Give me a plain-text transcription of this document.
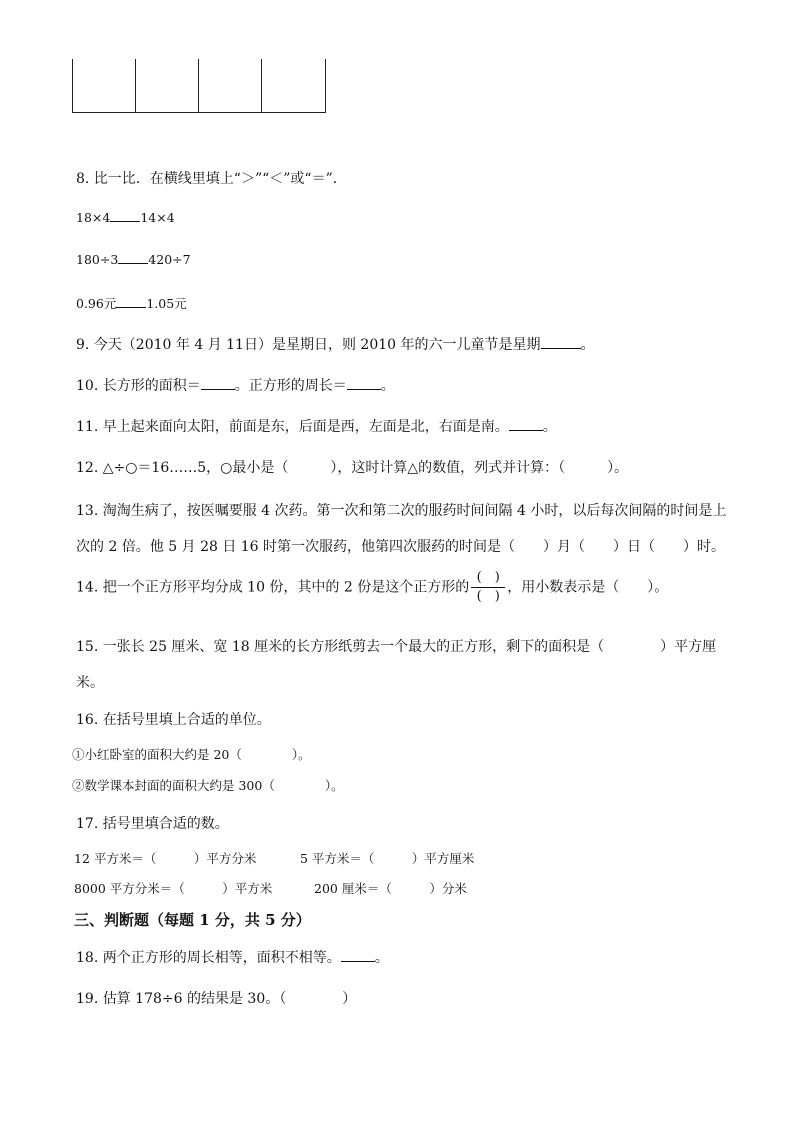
8. 比一比．在横线里填上“＞”“＜”或“＝”．
18×4 14×4
180÷3 420÷7
0.96元 1.05元
9. 今天（2010 年 4 月 11日）是星期日，则 2010 年的六一儿童节是星期	。
10. 长方形的面积＝ 。正方形的周长＝ 。
11. 早上起来面向太阳，前面是东，后面是西，左面是北，右面是南。 。
12. △÷○＝16……5，○最小是（　　　），这时计算△的数值，列式并计算：（　　　）。
13. 淘淘生病了，按医嘱要服 4 次药。第一次和第二次的服药时间间隔 4 小时，以后每次间隔的时间是上
次的 2 倍。他 5 月 28 日 16 时第一次服药，他第四次服药的时间是（　　）月（　　）日（　　）时。
14. 把一个正方形平均分成 10 份，其中的 2 份是这个正方形的 $\frac{( )}{( )}$ ，用小数表示是（　　）。
15. 一张长 25 厘米、宽 18 厘米的长方形纸剪去一个最大的正方形，剩下的面积是（　　　　）平方厘
米。
16. 在括号里填上合适的单位。
①小红卧室的面积大约是 20（　　　　）。
②数学课本封面的面积大约是 300（　　　　）。
17. 括号里填合适的数。
12 平方米＝（　　　）平方分米	5 平方米＝（　　　）平方厘米
8000 平方分米＝（　　　）平方米	200 厘米＝（　　　）分米
三、判断题（每题 1 分，共 5 分）
18. 两个正方形的周长相等，面积不相等。 。
19. 估算 178÷6 的结果是 30。（　　　　）
